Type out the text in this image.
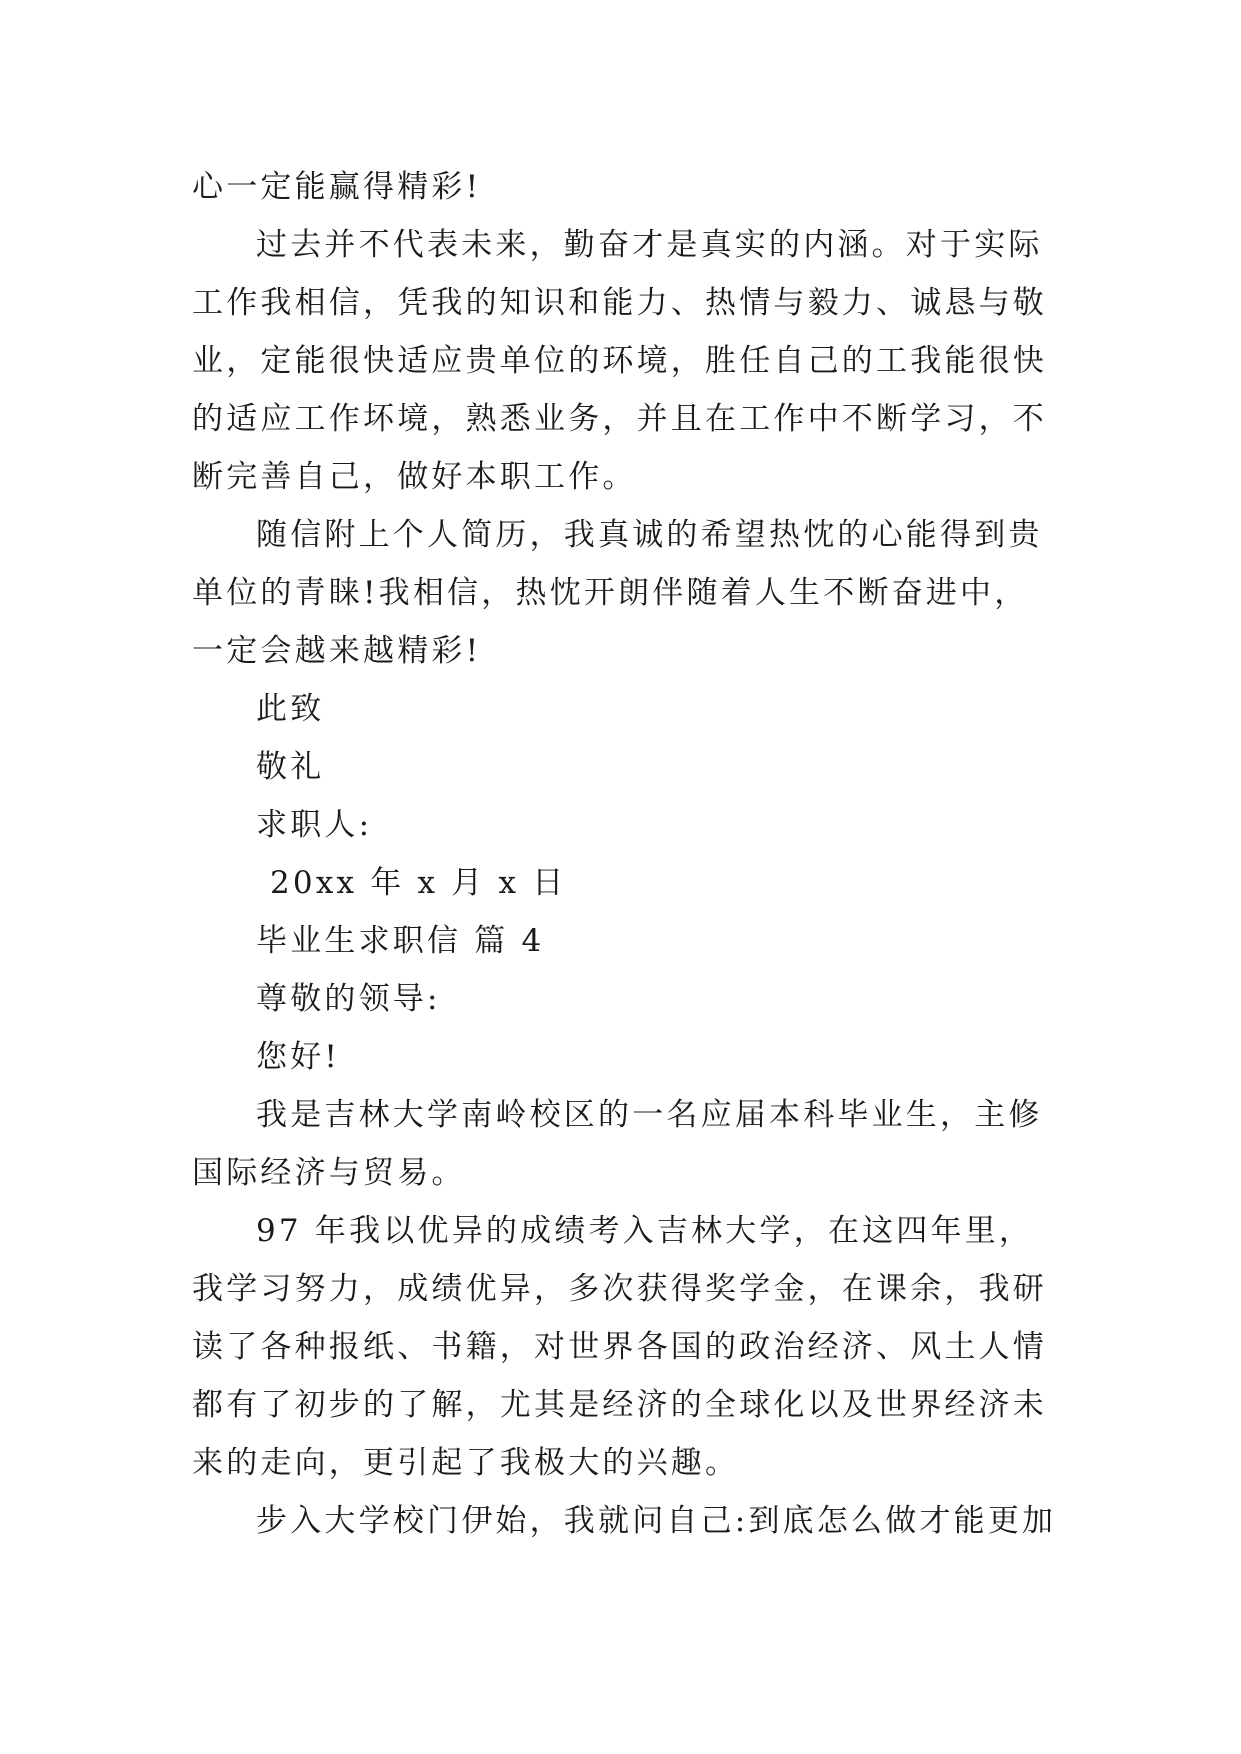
心一定能赢得精彩!

过去并不代表未来，勤奋才是真实的内涵。对于实际工作我相信，凭我的知识和能力、热情与毅力、诚恳与敬业，定能很快适应贵单位的环境，胜任自己的工我能很快的适应工作坏境，熟悉业务，并且在工作中不断学习，不断完善自己，做好本职工作。

随信附上个人简历，我真诚的希望热忱的心能得到贵单位的青睐!我相信，热忱开朗伴随着人生不断奋进中，一定会越来越精彩!

此致

敬礼

求职人:

20xx 年 x 月 x 日

毕业生求职信 篇 4

尊敬的领导:

您好!

我是吉林大学南岭校区的一名应届本科毕业生，主修国际经济与贸易。

97 年我以优异的成绩考入吉林大学，在这四年里，我学习努力，成绩优异，多次获得奖学金，在课余，我研读了各种报纸、书籍，对世界各国的政治经济、风土人情都有了初步的了解，尤其是经济的全球化以及世界经济未来的走向，更引起了我极大的兴趣。

步入大学校门伊始，我就问自己:到底怎么做才能更加
